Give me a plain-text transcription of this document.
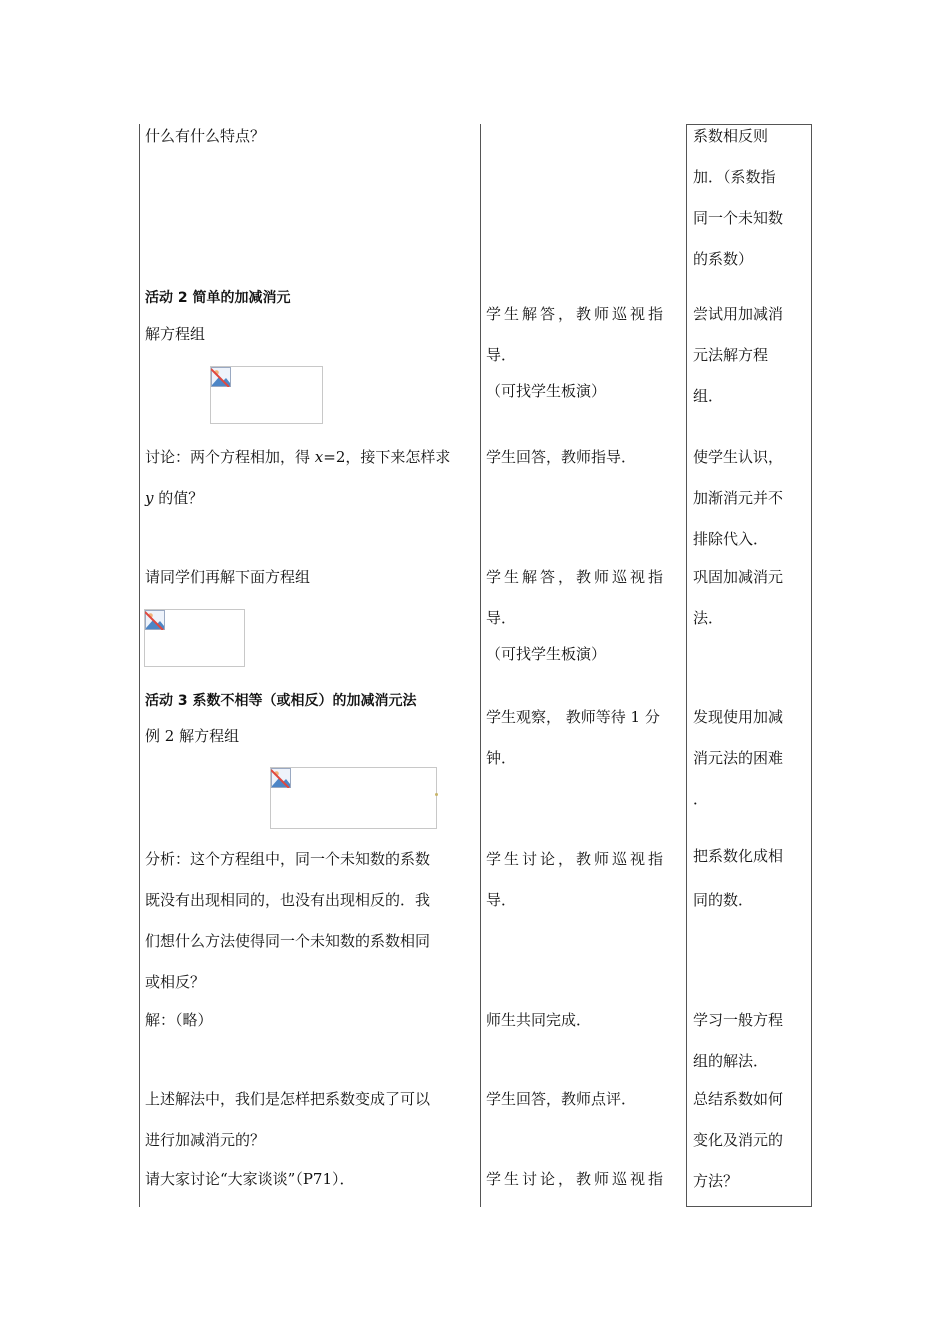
什么有什么特点？
活动 2 简单的加减消元
解方程组
讨论：两个方程相加，得 x=2，接下来怎样求
y 的值？
请同学们再解下面方程组
活动 3 系数不相等（或相反）的加减消元法
例 2 解方程组
分析：这个方程组中，同一个未知数的系数
既没有出现相同的，也没有出现相反的．我
们想什么方法使得同一个未知数的系数相同
或相反？
解：（略）
上述解法中，我们是怎样把系数变成了可以
进行加减消元的？
请大家讨论“大家谈谈”（P71）．
学生解答，教师巡视指
导．
（可找学生板演）
学生回答，教师指导．
学生解答，教师巡视指
导．
（可找学生板演）
学生观察， 教师等待 1 分
钟．
学生讨论，教师巡视指
导．
师生共同完成．
学生回答，教师点评．
学生讨论，教师巡视指
系数相反则
加．（系数指
同一个未知数
的系数）
尝试用加减消
元法解方程
组．
使学生认识，
加渐消元并不
排除代入．
巩固加减消元
法．
发现使用加减
消元法的困难
．
把系数化成相
同的数．
学习一般方程
组的解法．
总结系数如何
变化及消元的
方法？
